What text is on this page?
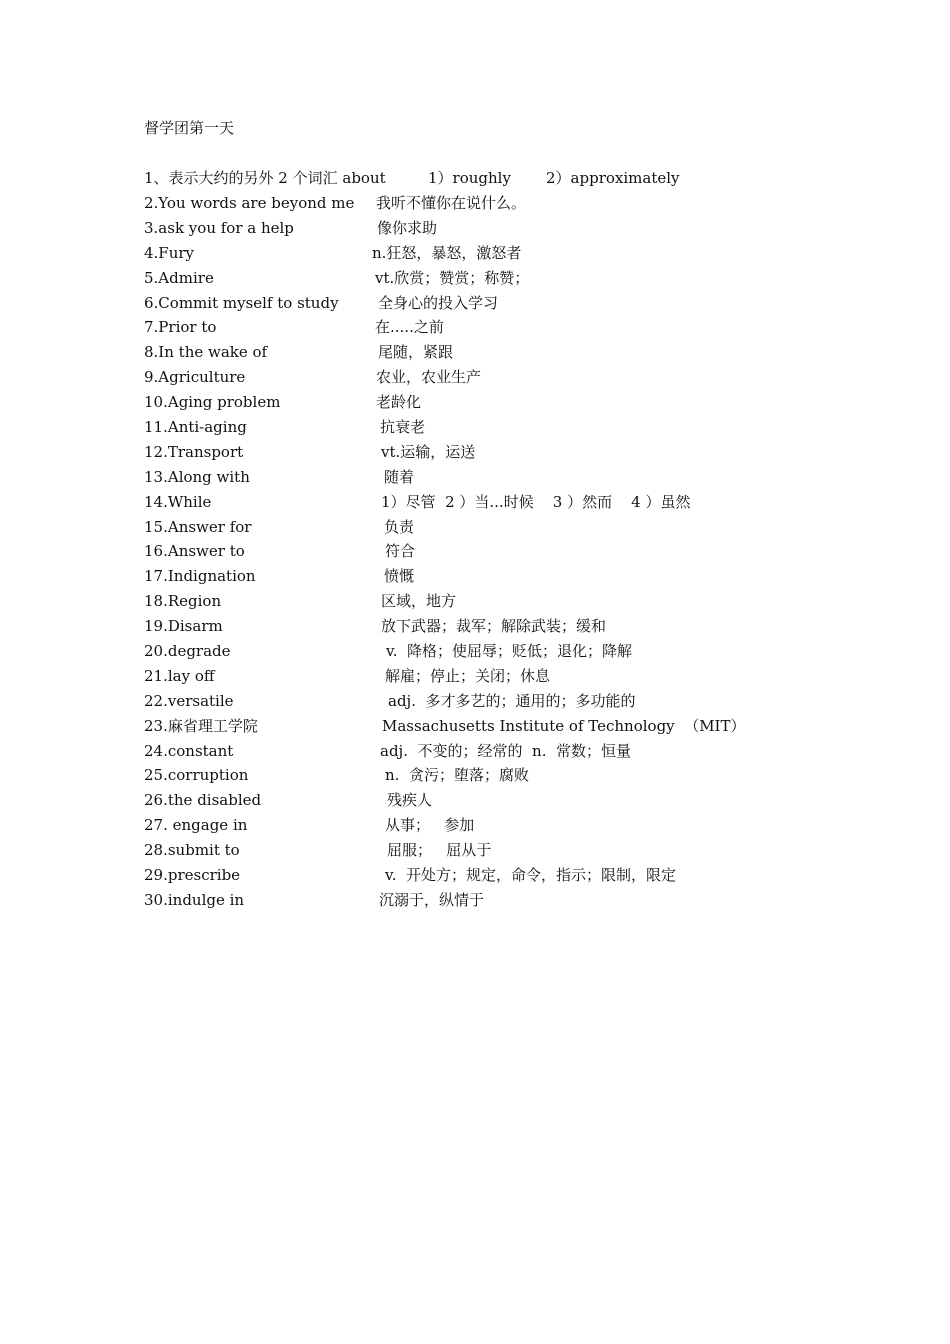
督学团第一天
1、表示大约的另外 2 个词汇 about	1）roughly 2）approximately
2.You words are beyond me 我听不懂你在说什么。
3.ask you for a help	像你求助
4.Fury	n.狂怒，暴怒，激怒者
5.Admire	vt.欣赏；赞赏；称赞；
6.Commit myself to study	全身心的投入学习
7.Prior to	在.....之前
8.In the wake of	尾随，紧跟
9.Agriculture	农业，农业生产
10.Aging problem	老龄化
11.Anti-aging	抗衰老
12.Transport	vt.运输，运送
13.Along with	随着
14.While	1）尽管  2 ）当...时候    3 ）然而    4 ）虽然
15.Answer for	负责
16.Answer to	符合
17.Indignation	愤慨
18.Region	区域，地方
19.Disarm	放下武器；裁军；解除武装；缓和
20.degrade	v.  降格；使屈辱；贬低；退化；降解
21.lay off	解雇；停止；关闭；休息
22.versatile	adj.  多才多艺的；通用的；多功能的
23.麻省理工学院	Massachusetts Institute of Technology  （MIT）
24.constant	adj.  不变的；经常的  n.  常数；恒量
25.corruption	n.  贪污；堕落；腐败
26.the disabled	残疾人
27. engage in	从事；   参加
28.submit to	屈服；   屈从于
29.prescribe	v.  开处方；规定，命令，指示；限制，限定
30.indulge in	沉溺于，纵情于
